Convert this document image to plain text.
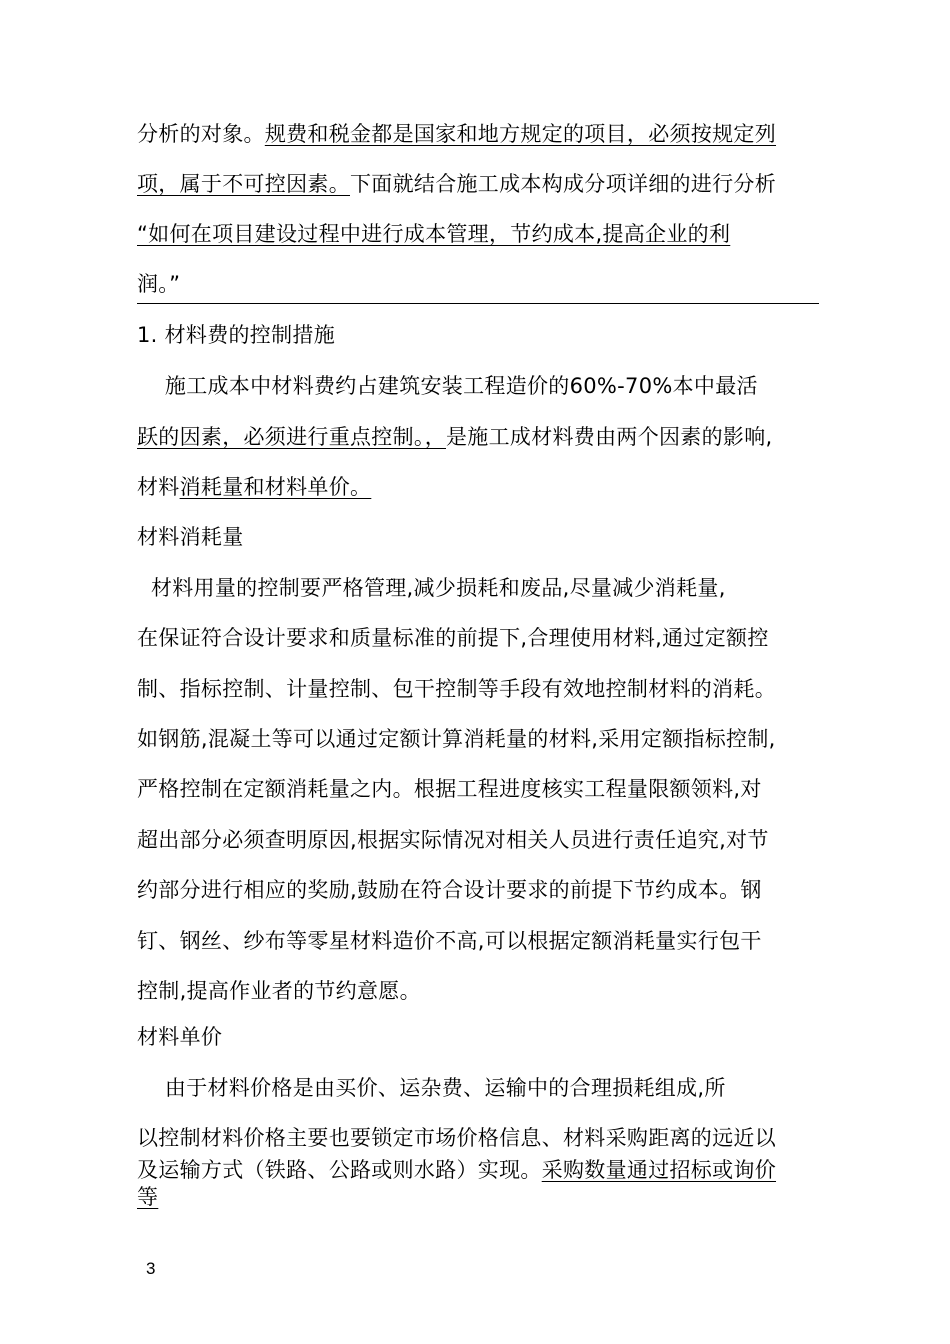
分析的对象。规费和税金都是国家和地方规定的项目，必须按规定列
项，属于不可控因素。下面就结合施工成本构成分项详细的进行分析
“如何在项目建设过程中进行成本管理，节约成本,提高企业的利
润。”
1. 材料费的控制措施
施工成本中材料费约占建筑安装工程造价的60%-70%本中最活
跃的因素，必须进行重点控制。，是施工成材料费由两个因素的影响,
材料消耗量和材料单价。
材料消耗量
材料用量的控制要严格管理,减少损耗和废品,尽量减少消耗量,
在保证符合设计要求和质量标准的前提下,合理使用材料,通过定额控
制、指标控制、计量控制、包干控制等手段有效地控制材料的消耗。
如钢筋,混凝土等可以通过定额计算消耗量的材料,采用定额指标控制,
严格控制在定额消耗量之内。根据工程进度核实工程量限额领料,对
超出部分必须查明原因,根据实际情况对相关人员进行责任追究,对节
约部分进行相应的奖励,鼓励在符合设计要求的前提下节约成本。钢
钉、钢丝、纱布等零星材料造价不高,可以根据定额消耗量实行包干
控制,提高作业者的节约意愿。
材料单价
由于材料价格是由买价、运杂费、运输中的合理损耗组成,所
以控制材料价格主要也要锁定市场价格信息、材料采购距离的远近以
及运输方式（铁路、公路或则水路）实现。采购数量通过招标或询价
等
3
